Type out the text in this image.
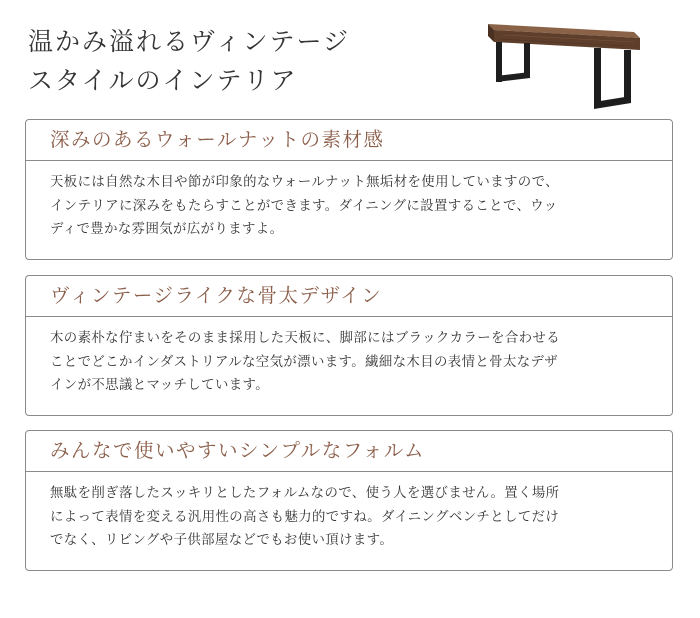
温かみ溢れるヴィンテージ
スタイルのインテリア
深みのあるウォールナットの素材感
天板には自然な木目や節が印象的なウォールナット無垢材を使用していますので、
インテリアに深みをもたらすことができます。ダイニングに設置することで、ウッ
ディで豊かな雰囲気が広がりますよ。
ヴィンテージライクな骨太デザイン
木の素朴な佇まいをそのまま採用した天板に、脚部にはブラックカラーを合わせる
ことでどこかインダストリアルな空気が漂います。繊細な木目の表情と骨太なデザ
インが不思議とマッチしています。
みんなで使いやすいシンプルなフォルム
無駄を削ぎ落したスッキリとしたフォルムなので、使う人を選びません。置く場所
によって表情を変える汎用性の高さも魅力的ですね。ダイニングベンチとしてだけ
でなく、リビングや子供部屋などでもお使い頂けます。
